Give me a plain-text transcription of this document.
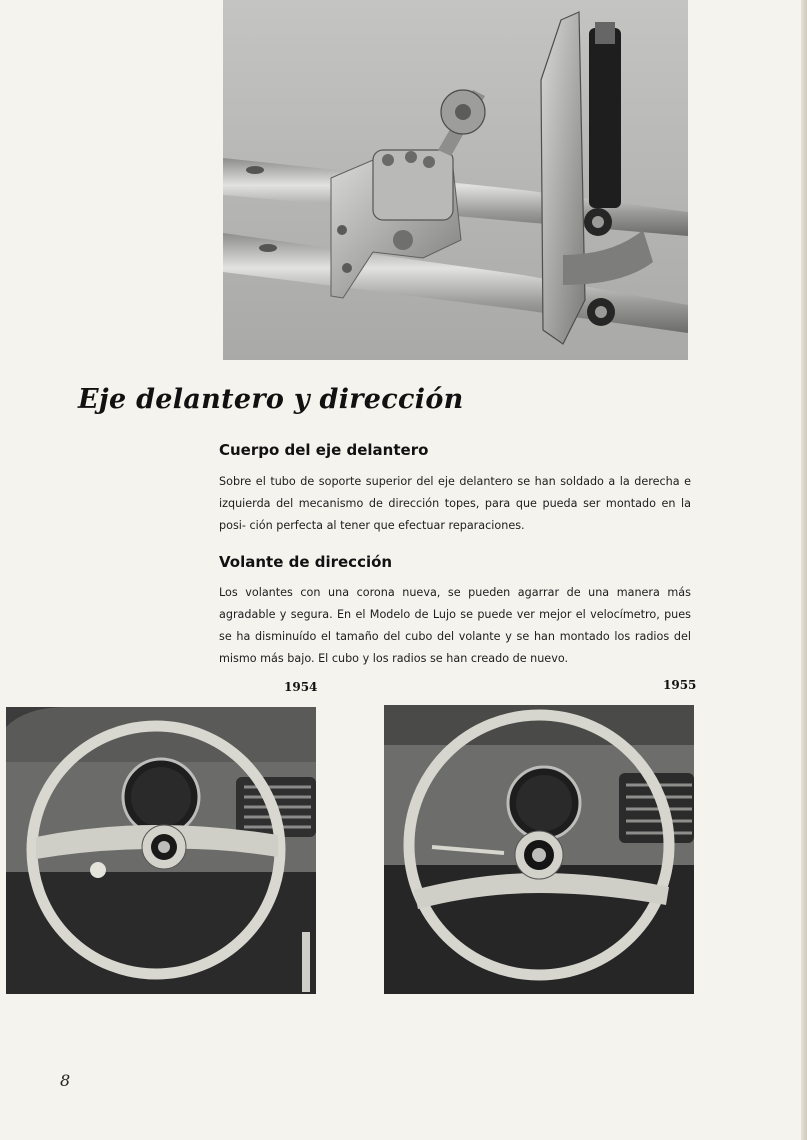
Eje delantero y dirección
Cuerpo del eje delantero

Sobre el tubo de soporte superior del eje delantero se han soldado a la derecha e izquierda del mecanismo de dirección topes, para que pueda ser montado en la posi- ción perfecta al tener que efectuar reparaciones.

Volante de dirección

Los volantes con una corona nueva, se pueden agarrar de una manera más agradable y segura. En el Modelo de Lujo se puede ver mejor el velocímetro, pues se ha disminuído el tamaño del cubo del volante y se han montado los radios del mismo más bajo. El cubo y los radios se han creado de nuevo.

1954	1955

8
